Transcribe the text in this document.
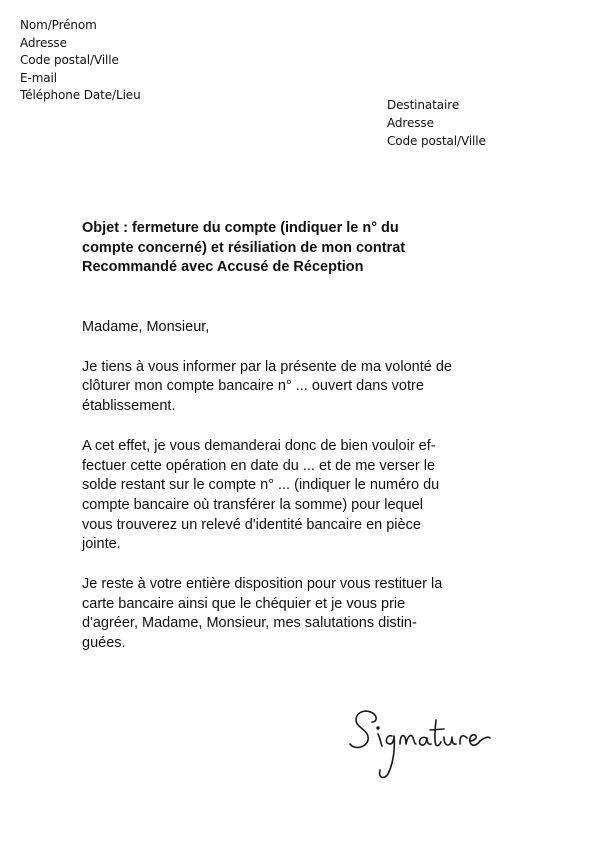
Nom/Prénom
Adresse
Code postal/Ville
E-mail
Téléphone Date/Lieu
Destinataire
Adresse
Code postal/Ville
Objet : fermeture du compte (indiquer le n° du
compte concerné) et résiliation de mon contrat
Recommandé avec Accusé de Réception
Madame, Monsieur,
Je tiens à vous informer par la présente de ma volonté de
clôturer mon compte bancaire n° ... ouvert dans votre
établissement.
A cet effet, je vous demanderai donc de bien vouloir ef-
fectuer cette opération en date du ... et de me verser le
solde restant sur le compte n° ... (indiquer le numéro du
compte bancaire où transférer la somme) pour lequel
vous trouverez un relevé d'identité bancaire en pièce
jointe.
Je reste à votre entière disposition pour vous restituer la
carte bancaire ainsi que le chéquier et je vous prie
d'agréer, Madame, Monsieur, mes salutations distin-
guées.
